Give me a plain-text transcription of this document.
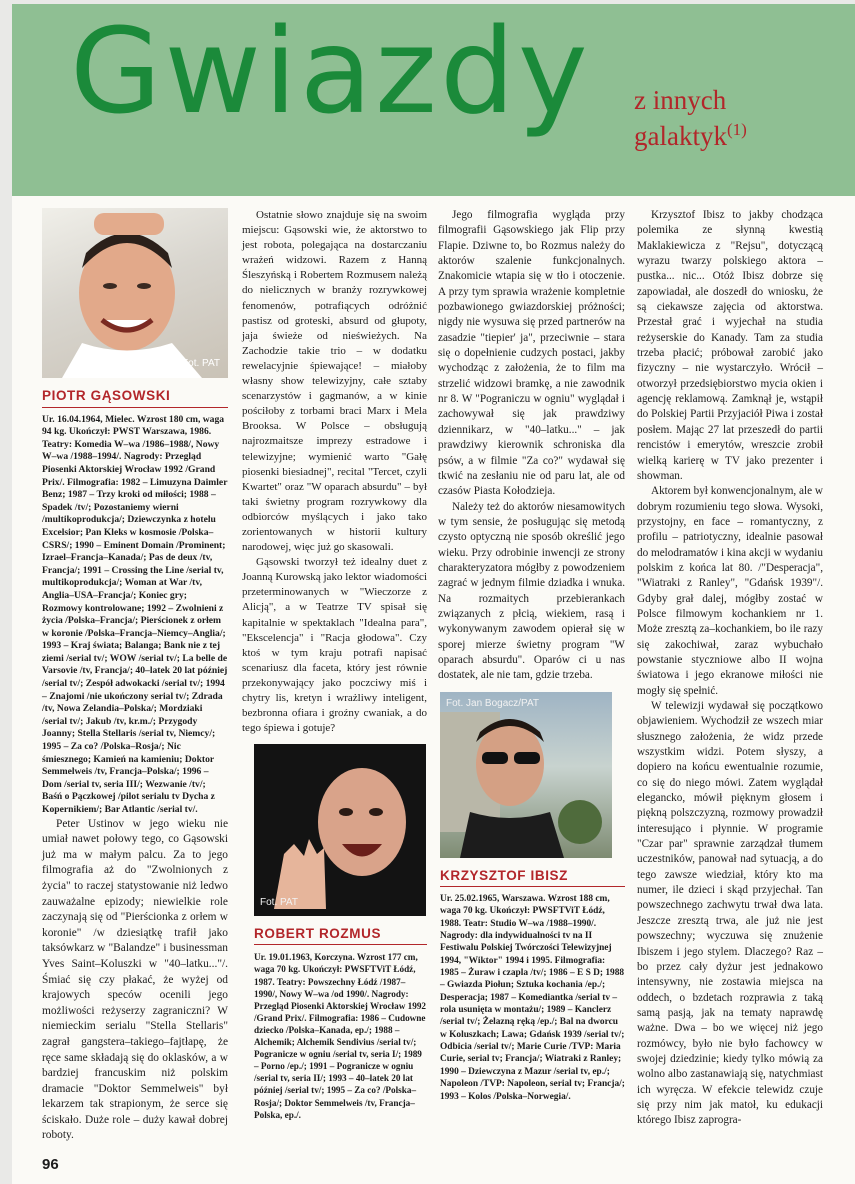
Gwiazdy z innych
galaktyk$^{(1)}$
Fot. PAT
PIOTR GĄSOWSKI

Ur. 16.04.1964, Mielec. Wzrost 180 cm, waga 94 kg. Ukończył: PWST Warszawa, 1986. Teatry: Komedia W–wa /1986–1988/, Nowy W–wa /1988–1994/. Nagrody: Przegląd Piosenki Aktorskiej Wrocław 1992 /Grand Prix/. Filmografia: 1982 – Limuzyna Daimler Benz; 1987 – Trzy kroki od miłości; 1988 – Spadek /tv/; Pozostaniemy wierni /multikoprodukcja/; Dziewczynka z hotelu Excelsior; Pan Kleks w kosmosie /Polska–CSRS/; 1990 – Eminent Domain /Prominent; Izrael–Francja–Kanada/; Pas de deux /tv, Francja/; 1991 – Crossing the Line /serial tv, multikoprodukcja/; Woman at War /tv, Anglia–USA–Francja/; Koniec gry; Rozmowy kontrolowane; 1992 – Zwolnieni z życia /Polska–Francja/; Pierścionek z orłem w koronie /Polska–Francja–Niemcy–Anglia/; 1993 – Kraj świata; Balanga; Bank nie z tej ziemi /serial tv/; WOW /serial tv/; La belle de Varsovie /tv, Francja/; 40–latek 20 lat później /serial tv/; Zespół adwokacki /serial tv/; 1994 – Znajomi /nie ukończony serial tv/; Zdrada /tv, Nowa Zelandia–Polska/; Mordziaki /serial tv/; Jakub /tv, kr.m./; Przygody Joanny; Stella Stellaris /serial tv, Niemcy/; 1995 – Za co? /Polska–Rosja/; Nic śmiesznego; Kamień na kamieniu; Doktor Semmelweis /tv, Francja–Polska/; 1996 – Dom /serial tv, seria III/; Wezwanie /tv/; Baśń o Pączkowej /pilot serialu tv Dycha z Kopernikiem/; Bar Atlantic /serial tv/.

Peter Ustinov w jego wieku nie umiał nawet połowy tego, co Gąsowski już ma w małym palcu. Za to jego filmografia aż do "Zwolnionych z życia" to raczej statystowanie niż ledwo zauważalne epizody; niewielkie role zaczynają się od "Pierścionka z orłem w koronie" /w dziesiątkę trafił jako taksówkarz w "Balandze" i businessman Yves Saint–Koluszki w "40–latku..."/. Śmiać się czy płakać, że wyżej od krajowych speców ocenili jego możliwości reżyserzy zagraniczni? W niemieckim serialu "Stella Stellaris" zagrał gangstera–takiego–fajtłapę, że ręce same składają się do oklasków, a w bardziej francuskim niż polskim dramacie "Doktor Semmelweis" był lekarzem tak strapionym, że serce się ściskało. Duże role – duży kawał dobrej roboty.

Ostatnie słowo znajduje się na swoim miejscu: Gąsowski wie, że aktorstwo to jest robota, polegająca na dostarczaniu wrażeń widzowi. Razem z Hanną Śleszyńską i Robertem Rozmusem należą do nielicznych w branży rozrywkowej fenomenów, potrafiących odróżnić pastisz od groteski, absurd od głupoty, jaja świeże od nieświeżych. Na Zachodzie takie trio – w dodatku rewelacyjnie śpiewające! – miałoby własny show telewizyjny, całe sztaby scenarzystów i gagmanów, a w kinie pościłoby z torbami braci Marx i Mela Brooksa. W Polsce – obsługują najrozmaitsze imprezy estradowe i telewizyjne; wymienić warto "Gałę piosenki biesiadnej", recital "Tercet, czyli Kwartet" oraz "W oparach absurdu" – był taki świetny program rozrywkowy dla odbiorców myślących i jako tako zorientowanych w historii kultury narodowej, więc już go skasowali.

Gąsowski tworzył też idealny duet z Joanną Kurowską jako lektor wiadomości przeterminowanych w "Wieczorze z Alicją", a w Teatrze TV spisał się kapitalnie w spektaklach "Idealna para", "Ekscelencja" i "Racja głodowa". Czy ktoś w tym kraju potrafi napisać scenariusz dla faceta, który jest równie przekonywający jako poczciwy miś i chytry lis, kretyn i wrażliwy inteligent, bezbronna ofiara i groźny cwaniak, a do tego śpiewa i gotuje?

Fot. PAT
ROBERT ROZMUS

Ur. 19.01.1963, Korczyna. Wzrost 177 cm, waga 70 kg. Ukończył: PWSFTViT Łódź, 1987. Teatry: Powszechny Łódź /1987–1990/, Nowy W–wa /od 1990/. Nagrody: Przegląd Piosenki Aktorskiej Wrocław 1992 /Grand Prix/. Filmografia: 1986 – Cudowne dziecko /Polska–Kanada, ep./; 1988 – Alchemik; Alchemik Sendivius /serial tv/; Pogranicze w ogniu /serial tv, seria I/; 1989 – Porno /ep./; 1991 – Pogranicze w ogniu /serial tv, seria II/; 1993 – 40–latek 20 lat później /serial tv/; 1995 – Za co? /Polska–Rosja/; Doktor Semmelweis /tv, Francja–Polska, ep./.

Jego filmografia wygląda przy filmografii Gąsowskiego jak Flip przy Flapie. Dziwne to, bo Rozmus należy do aktorów szalenie funkcjonalnych. Znakomicie wtapia się w tło i otoczenie. A przy tym sprawia wrażenie kompletnie pozbawionego gwiazdorskiej próżności; nigdy nie wysuwa się przed partnerów na zasadzie "tiepier' ja", przeciwnie – stara się o dopełnienie cudzych postaci, jakby wychodząc z założenia, że to film ma strzelić widzowi bramkę, a nie zawodnik nr 8. W "Pograniczu w ogniu" wyglądał i zachowywał się jak prawdziwy dziennikarz, w "40–latku..." – jak prawdziwy kierownik schroniska dla psów, a w filmie "Za co?" wydawał się tkwić na zesłaniu nie od paru lat, ale od czasów Piasta Kołodzieja.

Należy też do aktorów niesamowitych w tym sensie, że posługując się metodą czysto optyczną nie sposób określić jego wieku. Przy odrobinie inwencji ze strony charakteryzatora mógłby z powodzeniem zagrać w jednym filmie dziadka i wnuka. Na rozmaitych przebierankach związanych z płcią, wiekiem, rasą i wykonywanym zawodem opierał się w sporej mierze świetny program "W oparach absurdu". Oparów ci u nas dostatek, ale nie tam, gdzie trzeba.

Fot. Jan Bogacz/PAT
KRZYSZTOF IBISZ

Ur. 25.02.1965, Warszawa. Wzrost 188 cm, waga 70 kg. Ukończył: PWSFTViT Łódź, 1988. Teatr: Studio W–wa /1988–1990/. Nagrody: dla indywidualności tv na II Festiwalu Polskiej Twórczości Telewizyjnej 1994, "Wiktor" 1994 i 1995. Filmografia: 1985 – Żuraw i czapla /tv/; 1986 – E S D; 1988 – Gwiazda Piołun; Sztuka kochania /ep./; Desperacja; 1987 – Komediantka /serial tv – rola usunięta w montażu/; 1989 – Kanclerz /serial tv/; Żelazną ręką /ep./; Bal na dworcu w Koluszkach; Lawa; Gdańsk 1939 /serial tv/; Odbicia /serial tv/; Marie Curie /TVP: Maria Curie, serial tv; Francja/; Wiatraki z Ranley; 1990 – Dziewczyna z Mazur /serial tv, ep./; Napoleon /TVP: Napoleon, serial tv; Francja/; 1993 – Kolos /Polska–Norwegia/.

Krzysztof Ibisz to jakby chodząca polemika ze słynną kwestią Maklakiewicza z "Rejsu", dotyczącą wyrazu twarzy polskiego aktora – pustka... nic... Otóż Ibisz dobrze się zapowiadał, ale doszedł do wniosku, że są ciekawsze zajęcia od aktorstwa. Przestał grać i wyjechał na studia reżyserskie do Kanady. Tam za studia trzeba płacić; próbował zarobić jako fizyczny – nie wystarczyło. Wrócił – otworzył przedsiębiorstwo mycia okien i agencję reklamową. Zamknął je, wstąpił do Polskiej Partii Przyjaciół Piwa i został posłem. Mając 27 lat przeszedł do partii rencistów i emerytów, wreszcie zrobił wielką karierę w TV jako prezenter i showman.

Aktorem był konwencjonalnym, ale w dobrym rozumieniu tego słowa. Wysoki, przystojny, en face – romantyczny, z profilu – patriotyczny, idealnie pasował do melodramatów i kina akcji w wydaniu polskim z końca lat 80. /"Desperacja", "Wiatraki z Ranley", "Gdańsk 1939"/. Gdyby grał dalej, mógłby zostać w Polsce filmowym kochankiem nr 1. Może zresztą za–kochankiem, bo ile razy się zakochiwał, zaraz wybuchało powstanie styczniowe albo II wojna światowa i jego ekranowe miłości nie mogły się spełnić.

W telewizji wydawał się początkowo objawieniem. Wychodził ze wszech miar słusznego założenia, że widz przede wszystkim widzi. Potem słyszy, a dopiero na końcu ewentualnie rozumie, co się do niego mówi. Zatem wyglądał elegancko, mówił pięknym głosem i piękną polszczyzną, rozmowy prowadził interesująco i płynnie. W programie "Czar par" sprawnie zarządzał tłumem uczestników, panował nad sytuacją, a do tego zawsze wiedział, który kto ma numer, ile dzieci i skąd przyjechał. Tan powszechnego zachwytu trwał dwa lata. Jeszcze zresztą trwa, ale już nie jest powszechny; wyczuwa się znużenie Ibiszem i jego stylem. Dlaczego? Raz – bo przez cały dyżur jest jednakowo intensywny, nie zostawia miejsca na oddech, o bzdetach rozprawia z taką samą pasją, jak na tematy naprawdę ważne. Dwa – bo we więcej niż jego rozmówcy, było nie było fachowcy w swojej dziedzinie; kiedy tylko mówią za wolno albo zastanawiają się, natychmiast ich wyręcza. W efekcie telewidz czuje się przy nim jak matoł, ku edukacji którego Ibisz zaprogra-

96
